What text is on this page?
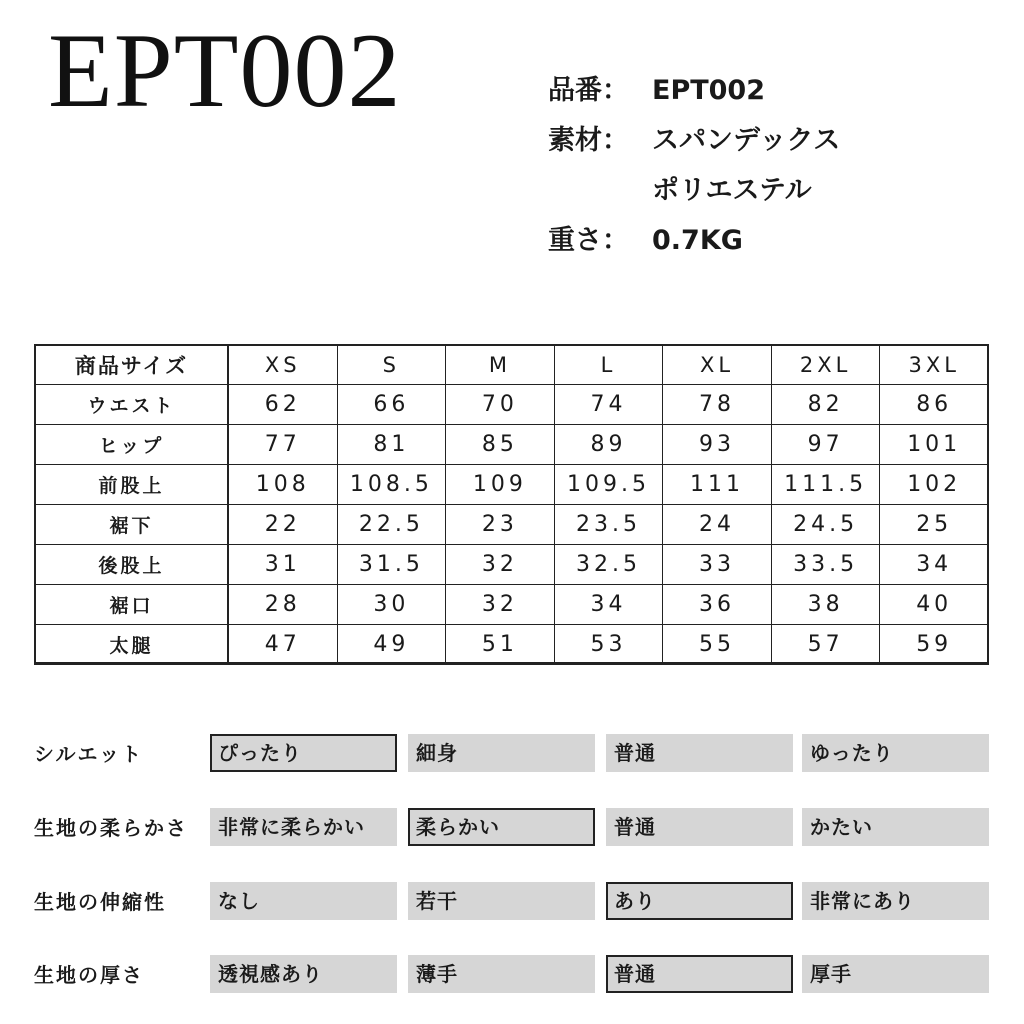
EPT002	品番： EPT002
素材： スパンデックス
ポリエステル
重さ： 0.7KG
商品サイズ	XS	S	M	L	XL	2XL	3XL
ウエスト	62	66	70	74	78	82	86
ヒップ	77	81	85	89	93	97	101
前股上	108	108.5	109	109.5	111	111.5	102
裾下	22	22.5	23	23.5	24	24.5	25
後股上	31	31.5	32	32.5	33	33.5	34
裾口	28	30	32	34	36	38	40
太腿	47	49	51	53	55	57	59
シルエット	ぴったり	細身	普通	ゆったり
生地の柔らかさ	非常に柔らかい	柔らかい	普通	かたい
生地の伸縮性	なし	若干	あり	非常にあり
生地の厚さ	透視感あり	薄手	普通	厚手
